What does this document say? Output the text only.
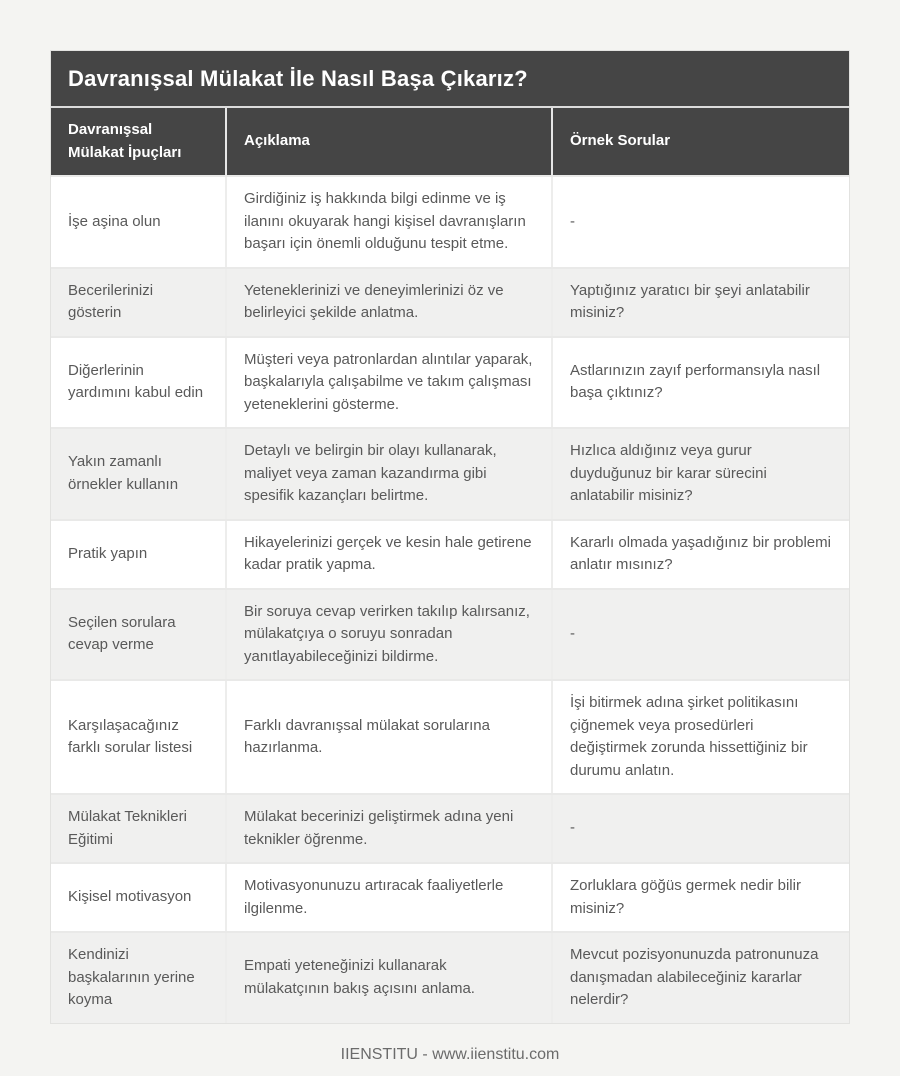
Davranışsal Mülakat İle Nasıl Başa Çıkarız?
Davranışsal Mülakat İpuçları
Açıklama	Örnek Sorular
İşe aşina olun
Girdiğiniz iş hakkında bilgi edinme ve iş ilanını okuyarak hangi kişisel davranışların başarı için önemli olduğunu tespit etme.
-
Becerilerinizi gösterin
Yeteneklerinizi ve deneyimlerinizi öz ve belirleyici şekilde anlatma.
Yaptığınız yaratıcı bir şeyi anlatabilir misiniz?
Diğerlerinin yardımını kabul edin
Müşteri veya patronlardan alıntılar yaparak, başkalarıyla çalışabilme ve takım çalışması yeteneklerini gösterme.
Astlarınızın zayıf performansıyla nasıl başa çıktınız?
Yakın zamanlı örnekler kullanın
Detaylı ve belirgin bir olayı kullanarak, maliyet veya zaman kazandırma gibi spesifik kazançları belirtme.
Hızlıca aldığınız veya gurur duyduğunuz bir karar sürecini anlatabilir misiniz?
Pratik yapın
Hikayelerinizi gerçek ve kesin hale getirene kadar pratik yapma.
Kararlı olmada yaşadığınız bir problemi anlatır mısınız?
Seçilen sorulara cevap verme
Bir soruya cevap verirken takılıp kalırsanız, mülakatçıya o soruyu sonradan yanıtlayabileceğinizi bildirme.
-
Karşılaşacağınız farklı sorular listesi
Farklı davranışsal mülakat sorularına hazırlanma.
İşi bitirmek adına şirket politikasını çiğnemek veya prosedürleri değiştirmek zorunda hissettiğiniz bir durumu anlatın.
Mülakat Teknikleri Eğitimi
Mülakat becerinizi geliştirmek adına yeni teknikler öğrenme.
-
Kişisel motivasyon
Motivasyonunuzu artıracak faaliyetlerle ilgilenme.
Zorluklara göğüs germek nedir bilir misiniz?
Kendinizi başkalarının yerine koyma
Empati yeteneğinizi kullanarak mülakatçının bakış açısını anlama.
Mevcut pozisyonunuzda patronunuza danışmadan alabileceğiniz kararlar nelerdir?
IIENSTITU - www.iienstitu.com
